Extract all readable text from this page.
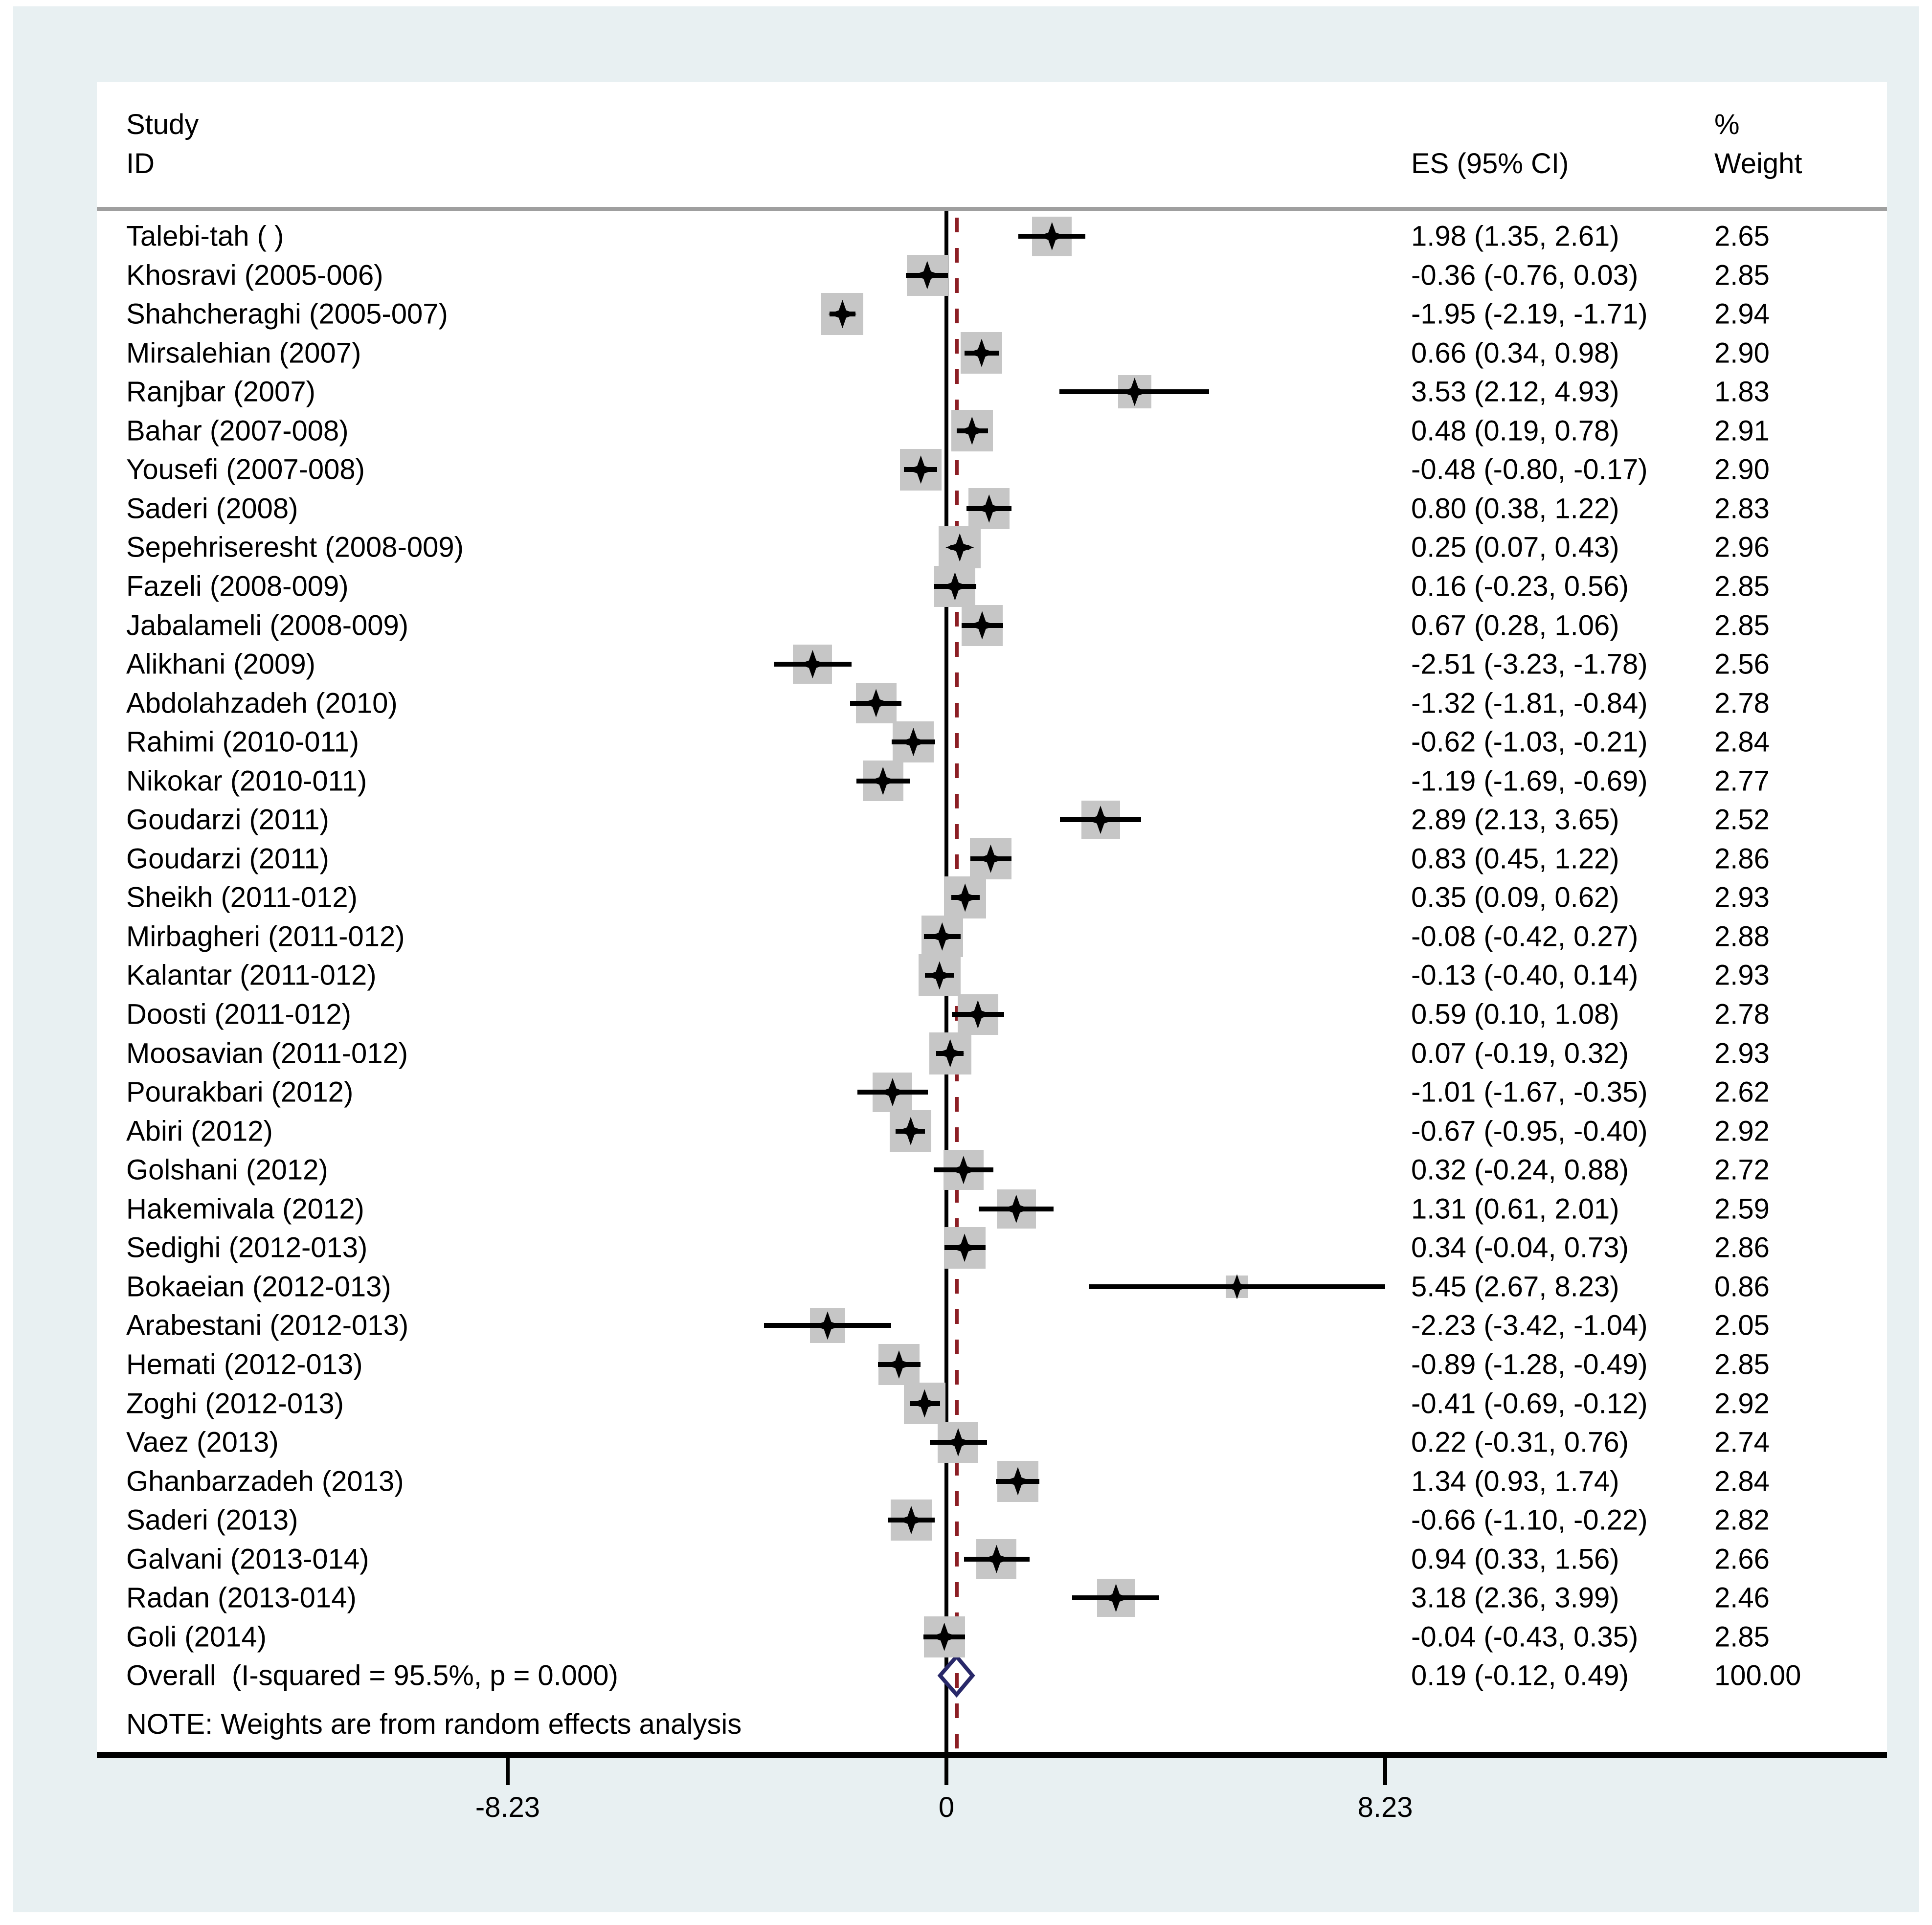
Study
ID	ES (95% CI)
%
Weight
Talebi-tah ( )	1.98 (1.35, 2.61)	2.65
Khosravi (2005-006)	-0.36 (-0.76, 0.03)	2.85
Shahcheraghi (2005-007)	-1.95 (-2.19, -1.71) 2.94
Mirsalehian (2007)	0.66 (0.34, 0.98)	2.90
Ranjbar (2007)	3.53 (2.12, 4.93)	1.83
Bahar (2007-008)	0.48 (0.19, 0.78)	2.91
Yousefi (2007-008)	-0.48 (-0.80, -0.17) 2.90
Saderi (2008)	0.80 (0.38, 1.22)	2.83
Sepehriseresht (2008-009)	0.25 (0.07, 0.43)	2.96
Fazeli (2008-009)	0.16 (-0.23, 0.56)	2.85
Jabalameli (2008-009)	0.67 (0.28, 1.06)	2.85
Alikhani (2009)	-2.51 (-3.23, -1.78) 2.56
Abdolahzadeh (2010)	-1.32 (-1.81, -0.84) 2.78
Rahimi (2010-011)	-0.62 (-1.03, -0.21) 2.84
Nikokar (2010-011)	-1.19 (-1.69, -0.69) 2.77
Goudarzi (2011)	2.89 (2.13, 3.65)	2.52
Goudarzi (2011)	0.83 (0.45, 1.22)	2.86
Sheikh (2011-012)	0.35 (0.09, 0.62)	2.93
Mirbagheri (2011-012)	-0.08 (-0.42, 0.27)	2.88
Kalantar (2011-012)	-0.13 (-0.40, 0.14)	2.93
Doosti (2011-012)	0.59 (0.10, 1.08)	2.78
Moosavian (2011-012)	0.07 (-0.19, 0.32)	2.93
Pourakbari (2012)	-1.01 (-1.67, -0.35) 2.62
Abiri (2012)	-0.67 (-0.95, -0.40) 2.92
Golshani (2012)	0.32 (-0.24, 0.88)	2.72
Hakemivala (2012)	1.31 (0.61, 2.01)	2.59
Sedighi (2012-013)	0.34 (-0.04, 0.73)	2.86
Bokaeian (2012-013)	5.45 (2.67, 8.23)	0.86
Arabestani (2012-013)	-2.23 (-3.42, -1.04) 2.05
Hemati (2012-013)	-0.89 (-1.28, -0.49) 2.85
Zoghi (2012-013)	-0.41 (-0.69, -0.12) 2.92
Vaez (2013)	0.22 (-0.31, 0.76)	2.74
Ghanbarzadeh (2013)	1.34 (0.93, 1.74)	2.84
Saderi (2013)	-0.66 (-1.10, -0.22) 2.82
Galvani (2013-014)	0.94 (0.33, 1.56)	2.66
Radan (2013-014)	3.18 (2.36, 3.99)	2.46
Goli (2014)	-0.04 (-0.43, 0.35)	2.85
Overall  (I-squared = 95.5%, p = 0.000)	0.19 (-0.12, 0.49)	100.00
NOTE: Weights are from random effects analysis
-8.23	0	8.23
